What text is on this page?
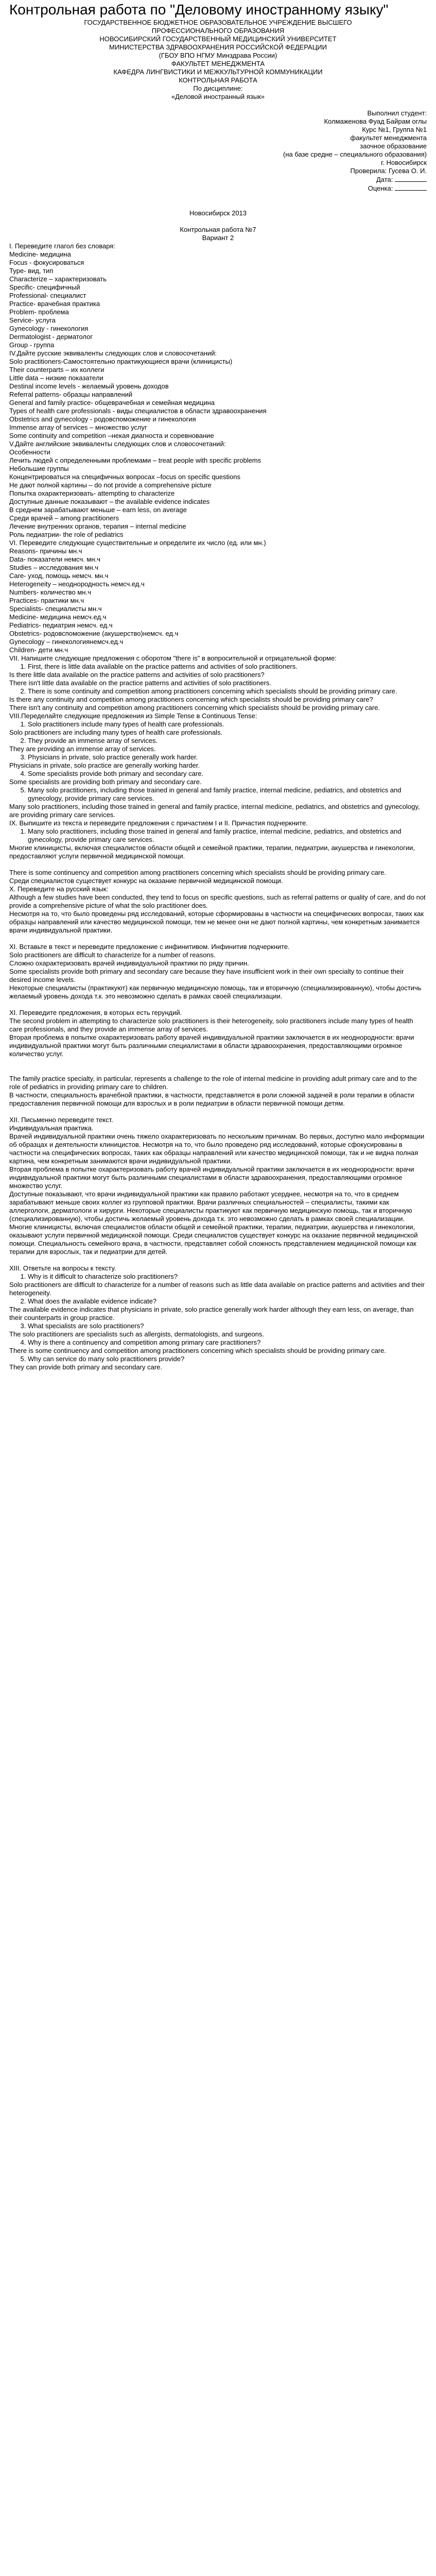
Контрольная работа по "Деловому иностранному языку"

ГОСУДАРСТВЕННОЕ БЮДЖЕТНОЕ ОБРАЗОВАТЕЛЬНОЕ УЧРЕЖДЕНИЕ ВЫСШЕГО

ПРОФЕССИОНАЛЬНОГО ОБРАЗОВАНИЯ

НОВОСИБИРСКИЙ ГОСУДАРСТВЕННЫЙ МЕДИЦИНСКИЙ УНИВЕРСИТЕТ

МИНИСТЕРСТВА ЗДРАВООХРАНЕНИЯ РОССИЙСКОЙ ФЕДЕРАЦИИ

(ГБОУ ВПО НГМУ Минздрава России)

ФАКУЛЬТЕТ МЕНЕДЖМЕНТА

КАФЕДРА ЛИНГВИСТИКИ И МЕЖКУЛЬТУРНОЙ КОММУНИКАЦИИ

КОНТРОЛЬНАЯ РАБОТА

По дисциплине:

«Деловой иностранный язык»

Выполнил студент:

Колмаженова Фуад Байрам оглы

Курс №1, Группа №1

факультет менеджмента

заочное образование

(на базе средне – специального образования)

г. Новосибирск

Проверила: Гусева О. И.

Дата:

Оценка:

Новосибирск 2013

Контрольная работа №7

Вариант 2

I. Переведите глагол без словаря:

Medicine- медицина

Focus - фокусироваться

Type- вид, тип

Characterize – характеризовать

Specific- специфичный

Professional- специалист

Practice- врачебная практика

Problem- проблема

Service- услуга

Gynecology - гинекология

Dermatologist - дерматолог

Group - группа

IV.Дайте русские эквиваленты следующих слов и словосочетаний:

Solo practitioners-Самостоятельно практикующиеся врачи (клиницисты)

Their counterparts – их коллеги

Little data – низкие показатели

Destinal income levels - желаемый уровень доходов

Referral patterns- образцы направлений

General and family practice- общеврачебная и семейная медицина

Types of health care professionals - виды специалистов в области здравоохранения

Obstetrics and gynecology - родовспоможение и гинекология

Immense array of services – множество услуг

Some continuity and competition –некая диагноста и соревнование

V.Дайте английские эквиваленты следующих слов и словосочетаний:

Особенности

Лечить людей с определенными проблемами – treat people with specific problems

Небольшие группы

Концентрироваться на специфичных вопросах –focus on specific questions

Не дают полной картины – do not provide a comprehensive picture

Попытка охарактеризовать- attempting to characterize

Доступные данные показывают – the available evidence indicates

В среднем зарабатывают меньше – earn less, on average

Среди врачей – among practitioners

Лечение внутренних органов, терапия – internal medicine

Роль педиатрии- the role of pediatrics

VI. Переведите следующие существительные и определите их число (ед. или мн.)

Reasons- причины мн.ч

Data- показатели немсч. мн.ч

Studies – исследования мн.ч

Care- уход, помощь немсч. мн.ч

Heterogeneity – неоднородность немсч.ед.ч

Numbers- количество мн.ч

Practices- практики мн.ч

Specialists- специалисты мн.ч

Medicine- медицина немсч.ед.ч

Pediatrics- педиатрия немсч. ед.ч

Obstetrics- родовспоможение (акушерство)немсч. ед.ч

Gynecology – гинекологиянемсч.ед.ч

Children- дети мн.ч

VII. Напишите следующие предложения с оборотом "there is" в вопросительной и отрицательной форме:

1. First, there is little data available on the practice patterns and activities of solo practitioners.

Is there little data available on the practice patterns and activities of solo practitioners?

There isn't little data available on the practice patterns and activities of solo practitioners.

2. There is some continuity and competition among practitioners concerning which specialists should be providing primary care.

Is there any continuity and competition among practitioners concerning which specialists should be providing primary care?

There isn't any continuity and competition among practitioners concerning which specialists should be providing primary care.

VIII.Переделайте следующие предложения из Simple Tense в Continuous Tense:

1. Solo practitioners include many types of health care professionals.

Solo practitioners are including many types of health care professionals.

2. They provide an immense array of services.

They are providing an immense array of services.

3. Physicians in private, solo practice generally work harder.

Physicians in private, solo practice are generally working harder.

4. Some specialists provide both primary and secondary care.

Some specialists are providing both primary and secondary care.

5. Many solo practitioners, including those trained in general and family practice, internal medicine, pediatrics, and obstetrics and gynecology, provide primary care services.

Many solo practitioners, including those trained in general and family practice, internal medicine, pediatrics, and obstetrics and gynecology, are providing primary care services.

IX. Выпишите из текста и переведите предложения с причастием I и II. Причастия подчеркните.

1. Many solo practitioners, including those trained in general and family practice, internal medicine, pediatrics, and obstetrics and gynecology, provide primary care services.

Многие клиницисты, включая специалистов области общей и семейной практики, терапии, педиатрии, акушерства и гинекологии, предоставляют услуги первичной медицинской помощи.

There is some continuency and competition among practitioners concerning which specialists should be providing primary care.

Среди специалистов существует конкурс на оказание первичной медицинской помощи.

X. Переведите на русский язык:

Although a few studies have been conducted, they tend to focus on specific questions, such as referral patterns or quality of care, and do not provide a comprehensive picture of what the solo practitioner does.

Несмотря на то, что было проведены ряд исследований, которые сформированы в частности на специфических вопросах, таких как образцы направлений или качество медицинской помощи, тем не менее они не дают полной картины, чем конкретным занимается врачи индивидуальной практики.

XI. Вставьте в текст и переведите предложение с инфинитивом. Инфинитив подчеркните.

Solo practitioners are difficult to characterize for a number of reasons.

Сложно охарактеризовать врачей индивидуальной практики по ряду причин.

Some specialists provide both primary and secondary care because they have insufficient work in their own specialty to continue their desired income levels.

Некоторые специалисты (практикуют) как первичную медицинскую помощь, так и вторичную (специализированную), чтобы достичь желаемый уровень дохода т.к. это невозможно сделать в рамках своей специализации.

XI. Переведите предложения, в которых есть герундий.

The second problem in attempting to characterize solo practitioners is their heterogeneity, solo practitioners include many types of health care professionals, and they provide an immense array of services.

Вторая проблема в попытке охарактеризовать работу врачей индивидуальной практики заключается в их неоднородности: врачи индивидуальной практики могут быть различными специалистами в области здравоохранения, предоставляющими огромное количество услуг.

The family practice specialty, in particular, represents a challenge to the role of internal medicine in providing adult primary care and to the role of pediatrics in providing primary care to children.

В частности, специальность врачебной практики, в частности, представляется в роли сложной задачей в роли терапии в области предоставления первичной помощи для взрослых и в роли педиатрии в области первичной помощи детям.

XII. Письменно переведите текст.

Индивидуальная практика.

Врачей индивидуальной практики очень тяжело охарактеризовать по нескольким причинам. Во первых, доступно мало информации об образцах и деятельности клиницистов. Несмотря на то, что было проведено ряд исследований, которые сфокусированы в частности на специфических вопросах, таких как образцы направлений или качество медицинской помощи, так и не видна полная картина, чем конкретным занимаются врачи индивидуальной практики.

Вторая проблема в попытке охарактеризовать работу врачей индивидуальной практики заключается в их неоднородности: врачи индивидуальной практики могут быть различными специалистами в области здравоохранения, предоставляющими огромное множество услуг.

Доступные показывают, что врачи индивидуальной практики как правило работают усерднее, несмотря на то, что в среднем зарабатывают меньше своих коллег из групповой практики. Врачи различных специальностей – специалисты, такими как аллергологи, дерматологи и хирурги. Некоторые специалисты практикуют как первичную медицинскую помощь, так и вторичную (специализированную), чтобы достичь желаемый уровень дохода т.к. это невозможно сделать в рамках своей специализации.

Многие клиницисты, включая специалистов области общей и семейной практики, терапии, педиатрии, акушерства и гинекологии, оказывают услуги первичной медицинской помощи. Среди специалистов существует конкурс на оказание первичной медицинской помощи. Специальность семейного врача, в частности, представляет собой сложность представлением медицинской помощи как терапии для взрослых, так и педиатрии для детей.

XIII. Ответьте на вопросы к тексту.

1. Why is it difficult to characterize solo practitioners?

Solo practitioners are difficult to characterize for a number of reasons such as little data available on practice patterns and activities and their heterogeneity.

2. What does the available evidence indicate?

The available evidence indicates that physicians in private, solo practice generally work harder although they earn less, on average, than their counterparts in group practice.

3. What specialists are solo practitioners?

The solo practitioners are specialists such as allergists, dermatologists, and surgeons.

4. Why is there a continuency and competition among primary care practitioners?

There is some continuency and competition among practitioners concerning which specialists should be providing primary care.

5. Why can service do many solo practitioners provide?

They can provide both primary and secondary care.
